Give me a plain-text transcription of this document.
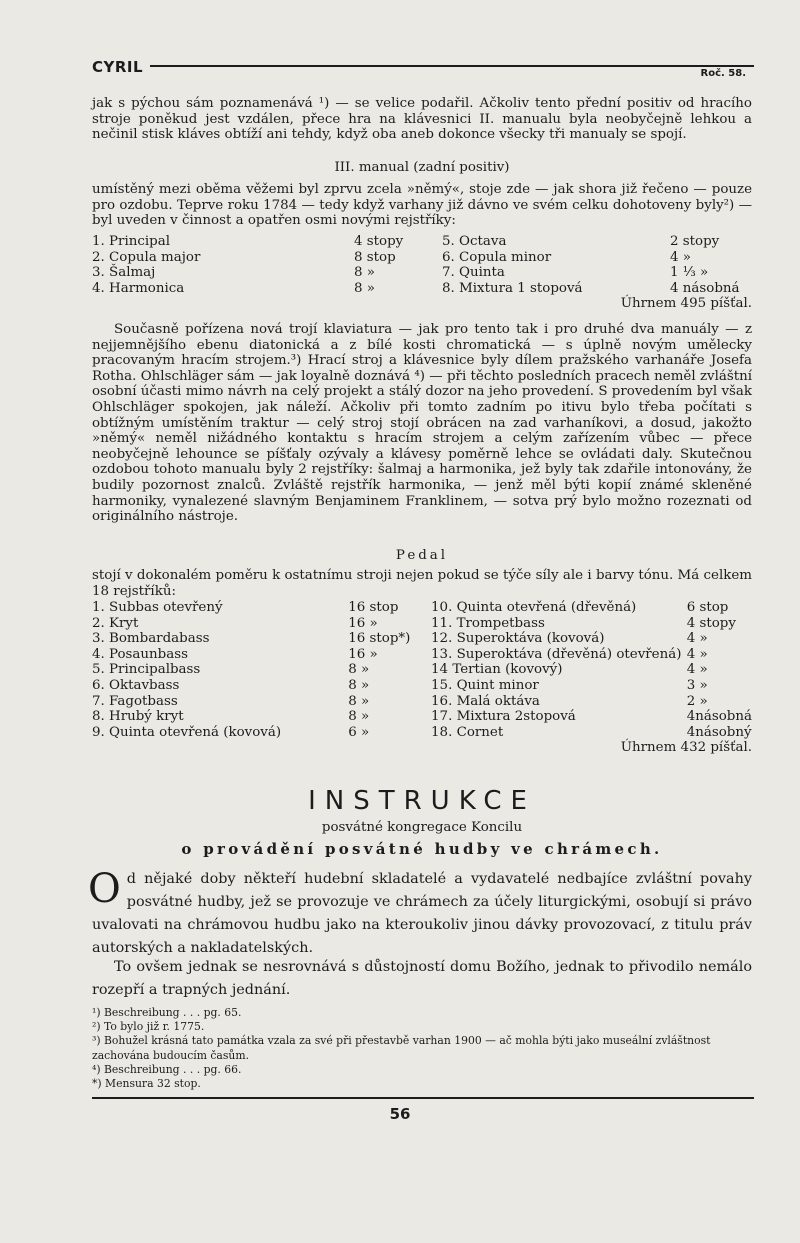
CYRIL	Roč. 58.

jak s pýchou sám poznamenává ¹) — se velice podařil. Ačkoliv tento přední positiv od hracího stroje poněkud jest vzdálen, přece hra na klávesnici II. manualu byla neobyčejně lehkou a nečinil stisk kláves obtíží ani tehdy, když oba aneb dokonce všecky tři manualy se spojí.

III. manual (zadní positiv)

umístěný mezi oběma věžemi byl zprvu zcela »němý«, stoje zde — jak shora již řečeno — pouze pro ozdobu. Teprve roku 1784 — tedy když varhany již dávno ve svém celku dohotoveny byly²) — byl uveden v činnost a opatřen osmi novými rejstříky:

1. Principal	4 stopy	5. Octava	2 stopy
2. Copula major	8 stop	6. Copula minor	4 »
3. Šalmaj	8 »	7. Quinta	1 ⅓ »
4. Harmonica	8 »	8. Mixtura 1 stopová	4 násobná
Úhrnem 495 píšťal.

Současně pořízena nová trojí klaviatura — jak pro tento tak i pro druhé dva manuály — z nejjemnějšího ebenu diatonická a z bílé kosti chromatická — s úplně novým umělecky pracovaným hracím strojem.³) Hrací stroj a klávesnice byly dílem pražského varhanáře Josefa Rotha. Ohlschläger sám — jak loyalně doznává ⁴) — při těchto posledních pracech neměl zvláštní osobní účasti mimo návrh na celý projekt a stálý dozor na jeho provedení. S provedením byl však Ohlschläger spokojen, jak náleží. Ačkoliv při tomto zadním po itivu bylo třeba počítati s obtížným umístěním traktur — celý stroj stojí obrácen na zad varhaníkovi, a dosud, jakožto »němý« neměl nižádného kontaktu s hracím strojem a celým zařízením vůbec — přece neobyčejně lehounce se píšťaly ozývaly a klávesy poměrně lehce se ovládati daly. Skutečnou ozdobou tohoto manualu byly 2 rejstříky: šalmaj a harmonika, jež byly tak zdařile intonovány, že budily pozornost znalců. Zvláště rejstřík harmonika, — jenž měl býti kopií známé skleněné harmoniky, vynalezené slavným Benjaminem Franklinem, — sotva prý bylo možno rozeznati od originálního nástroje.

Pedal

stojí v dokonalém poměru k ostatnímu stroji nejen pokud se týče síly ale i barvy tónu. Má celkem 18 rejstříků:

1. Subbas otevřený	16 stop	10. Quinta otevřená (dřevěná)	6 stop
2. Kryt	16 »	11. Trompetbass	4 stopy
3. Bombardabass	16 stop*)	12. Superoktáva (kovová)	4 »
4. Posaunbass	16 »	13. Superoktáva (dřevěná) otevřená)	4 »
5. Principalbass	8 »	14 Tertian (kovový)	4 »
6. Oktavbass	8 »	15. Quint minor	3 »
7. Fagotbass	8 »	16. Malá oktáva	2 »
8. Hrubý kryt	8 »	17. Mixtura 2stopová	4násobná
9. Quinta otevřená (kovová)	6 »	18. Cornet	4násobný
Úhrnem 432 píšťal.
INSTRUKCE
posvátné kongregace Koncilu
o provádění posvátné hudby ve chrámech.
O d nějaké doby někteří hudební skladatelé a vydavatelé nedbajíce zvláštní povahy posvátné hudby, jež se provozuje ve chrámech za účely liturgickými, osobují si právo uvalovati na chrámovou hudbu jako na kteroukoliv jinou dávky provozovací, z titulu práv autorských a nakladatelských.

To ovšem jednak se nesrovnává s důstojností domu Božího, jednak to přivodilo nemálo rozepří a trapných jednání.

¹) Beschreibung . . . pg. 65.

²) To bylo již r. 1775.

³) Bohužel krásná tato památka vzala za své při přestavbě varhan 1900 — ač mohla býti jako museální zvláštnost zachována budoucím časům.

⁴) Beschreibung . . . pg. 66.

*) Mensura 32 stop.

56
